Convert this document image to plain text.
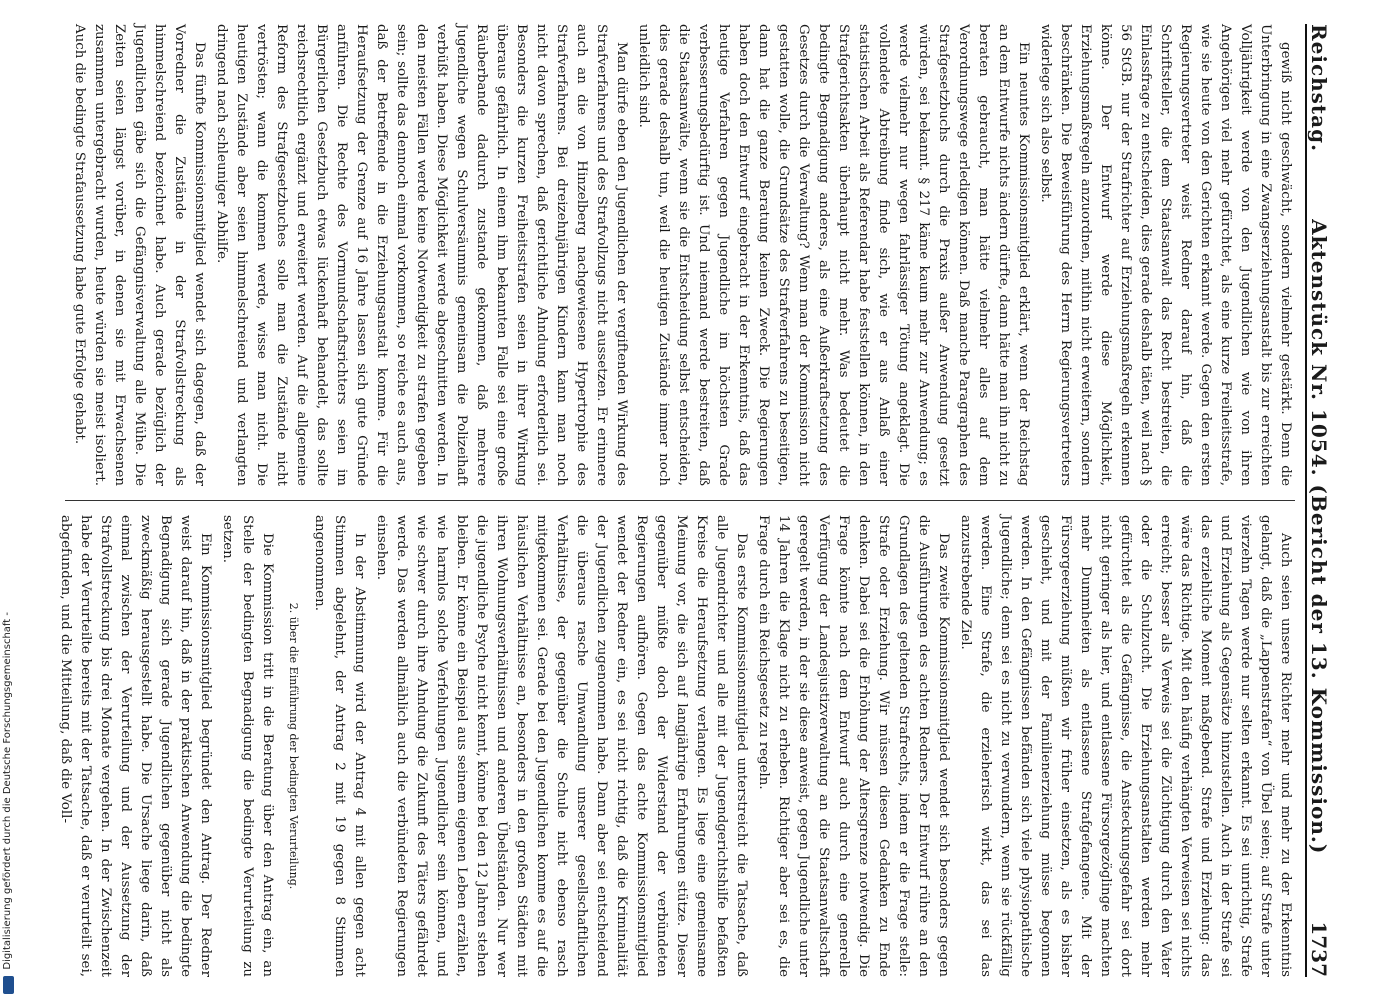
Digitalisierung gefördert durch die Deutsche Forschungsgemeinschaft -
Reichstag.
Aktenstück Nr. 1054. (Bericht der 13. Kommission.)
1737

gewiß nicht geschwächt, sondern vielmehr gestärkt. Denn die Unterbringung in eine Zwangserziehungsanstalt bis zur erreichten Volljährigkeit werde von den Jugendlichen wie von ihren Angehörigen viel mehr gefürchtet, als eine kurze Freiheitsstrafe, wie sie heute von den Gerichten erkannt werde. Gegen den ersten Regierungsvertreter weist Redner darauf hin, daß die Schriftsteller, die dem Staatsanwalt das Recht bestreiten, die Einlassfrage zu entscheiden, dies gerade deshalb täten, weil nach § 56 StGB. nur der Strafrichter auf Erziehungsmaßregeln erkennen könne. Der Entwurf werde diese Möglichkeit, Erziehungsmaßregeln anzuordnen, mithin nicht erweitern, sondern beschränken. Die Beweisführung des Herrn Regierungsvertreters widerlege sich also selbst.

Ein neuntes Kommissionsmitglied erklärt, wenn der Reichstag an dem Entwurfe nichts ändern dürfte, dann hätte man ihn nicht zu beraten gebraucht, man hätte vielmehr alles auf dem Verordnungswege erledigen können. Daß manche Paragraphen des Strafgesetzbuchs durch die Praxis außer Anwendung gesetzt würden, sei bekannt. § 217 käme kaum mehr zur Anwendung; es werde vielmehr nur wegen fahrlässiger Tötung angeklagt. Die vollendete Abtreibung finde sich, wie er aus Anlaß einer statistischen Arbeit als Referendar habe feststellen können, in den Strafgerichtsakten überhaupt nicht mehr. Was bedeutet die bedingte Begnadigung anderes, als eine Außerkraftsetzung des Gesetzes durch die Verwaltung? Wenn man der Kommission nicht gestatten wolle, die Grundsätze des Strafverfahrens zu beseitigen, dann hat die ganze Beratung keinen Zweck. Die Regierungen haben doch den Entwurf eingebracht in der Erkenntnis, daß das heutige Verfahren gegen Jugendliche im höchsten Grade verbesserungsbedürftig ist. Und niemand werde bestreiten, daß die Staatsanwälte, wenn sie die Entscheidung selbst entscheiden, dies gerade deshalb tun, weil die heutigen Zustände immer noch unleidlich sind.

Man dürfe eben den Jugendlichen der vergiftenden Wirkung des Strafverfahrens und des Strafvollzugs nicht aussetzen. Er erinnere auch an die von Hinzelberg nachgewiesene Hypertrophie des Strafverfahrens. Bei dreizehnjährigen Kindern kann man noch nicht davon sprechen, daß gerichtliche Ahndung erforderlich sei. Besonders die kurzen Freiheitsstrafen seien in ihrer Wirkung überaus gefährlich. In einem ihm bekannten Falle sei eine große Räuberbande dadurch zustande gekommen, daß mehrere Jugendliche wegen Schulversäumnis gemeinsam die Polizeihaft verbüßt haben. Diese Möglichkeit werde abgeschnitten werden. In den meisten Fällen werde keine Notwendigkeit zu strafen gegeben sein; sollte das dennoch einmal vorkommen, so reiche es auch aus, daß der Betreffende in die Erziehungsanstalt komme. Für die Heraufsetzung der Grenze auf 16 Jahre lassen sich gute Gründe anführen. Die Rechte des Vormundschaftsrichters seien im Bürgerlichen Gesetzbuch etwas lückenhaft behandelt, das sollte reichsrechtlich ergänzt und erweitert werden. Auf die allgemeine Reform des Strafgesetzbuches solle man die Zustände nicht vertrösten; wann die kommen werde, wisse man nicht. Die heutigen Zustände aber seien himmelschreiend und verlangten dringend nach schleuniger Abhilfe.

Das fünfte Kommissionsmitglied wendet sich dagegen, daß der Vorredner die Zustände in der Strafvollstreckung als himmelschreiend bezeichnet habe. Auch gerade bezüglich der Jugendlichen gäbe sich die Gefängnisverwaltung alle Mühe. Die Zeiten seien längst vorüber, in denen sie mit Erwachsenen zusammen untergebracht wurden, heute würden sie meist isoliert. Auch die bedingte Strafaussetzung habe gute Erfolge gehabt.

Auch seien unsere Richter mehr und mehr zu der Erkenntnis gelangt, daß die „Lappenstrafen“ von Übel seien; auf Strafe unter vierzehn Tagen werde nur selten erkannt. Es sei unrichtig, Strafe und Erziehung als Gegensätze hinzustellen. Auch in der Strafe sei das erziehliche Moment maßgebend. Strafe und Erziehung: das wäre das Richtige. Mit den häufig verhängten Verweisen sei nichts erreicht; besser als Verweis sei die Züchtigung durch den Vater oder die Schulzucht. Die Erziehungsanstalten werden mehr gefürchtet als die Gefängnisse, die Ansteckungsgefahr sei dort nicht geringer als hier, und entlassene Fürsorgezöglinge machten mehr Dummheiten als entlassene Strafgefangene. Mit der Fürsorgeerziehung müßten wir früher einsetzen, als es bisher geschieht, und mit der Familienerziehung müsse begonnen werden. In den Gefängnissen befänden sich viele physiopathische Jugendliche; denn sei es nicht zu verwundern, wenn sie rückfällig werden. Eine Strafe, die erzieherisch wirkt, das sei das anzustrebende Ziel.

Das zweite Kommissionsmitglied wendet sich besonders gegen die Ausführungen des achten Redners. Der Entwurf rühre an den Grundlagen des geltenden Strafrechts, indem er die Frage stelle: Strafe oder Erziehung. Wir müssen diesen Gedanken zu Ende denken. Dabei sei die Erhöhung der Altersgrenze notwendig. Die Frage könnte nach dem Entwurf auch durch eine generelle Verfügung der Landesjustizverwaltung an die Staatsanwaltschaft geregelt werden, in der sie diese anweist, gegen Jugendliche unter 14 Jahren die Klage nicht zu erheben. Richtiger aber sei es, die Frage durch ein Reichsgesetz zu regeln.

Das erste Kommissionsmitglied unterstreicht die Tatsache, daß alle Jugendrichter und alle mit der Jugendgerichtshilfe befaßten Kreise die Heraufsetzung verlangen. Es liege eine gemeinsame Meinung vor, die sich auf langjährige Erfahrungen stütze. Dieser gegenüber müßte doch der Widerstand der verbündeten Regierungen aufhören. Gegen das achte Kommissionsmitglied wendet der Redner ein, es sei nicht richtig, daß die Kriminalität der Jugendlichen zugenommen habe. Dann aber sei entscheidend die überaus rasche Umwandlung unserer gesellschaftlichen Verhältnisse, der gegenüber die Schule nicht ebenso rasch mitgekommen sei. Gerade bei den Jugendlichen komme es auf die häuslichen Verhältnisse an, besonders in den großen Städten mit ihren Wohnungsverhältnissen und anderen Übelständen. Nur wer die jugendliche Psyche nicht kennt, könne bei den 12 Jahren stehen bleiben. Er könne ein Beispiel aus seinem eigenen Leben erzählen, wie harmlos solche Verfehlungen Jugendlicher sein können, und wie schwer durch ihre Ahndung die Zukunft des Täters gefährdet werde. Das werden allmählich auch die verbündeten Regierungen einsehen.

In der Abstimmung wird der Antrag 4 mit allen gegen acht Stimmen abgelehnt, der Antrag 2 mit 19 gegen 8 Stimmen angenommen.

2. über die Einführung der bedingten Verurteilung.

Die Kommission tritt in die Beratung über den Antrag ein, an Stelle der bedingten Begnadigung die bedingte Verurteilung zu setzen.

Ein Kommissionsmitglied begründet den Antrag. Der Redner weist darauf hin, daß in der praktischen Anwendung die bedingte Begnadigung sich gerade Jugendlichen gegenüber nicht als zweckmäßig herausgestellt habe. Die Ursache liege darin, daß einmal zwischen der Verurteilung und der Aussetzung der Strafvollstreckung bis drei Monate vergehen. In der Zwischenzeit habe der Verurteilte bereits mit der Tatsache, daß er verurteilt sei, abgefunden, und die Mitteilung, daß die Voll-
